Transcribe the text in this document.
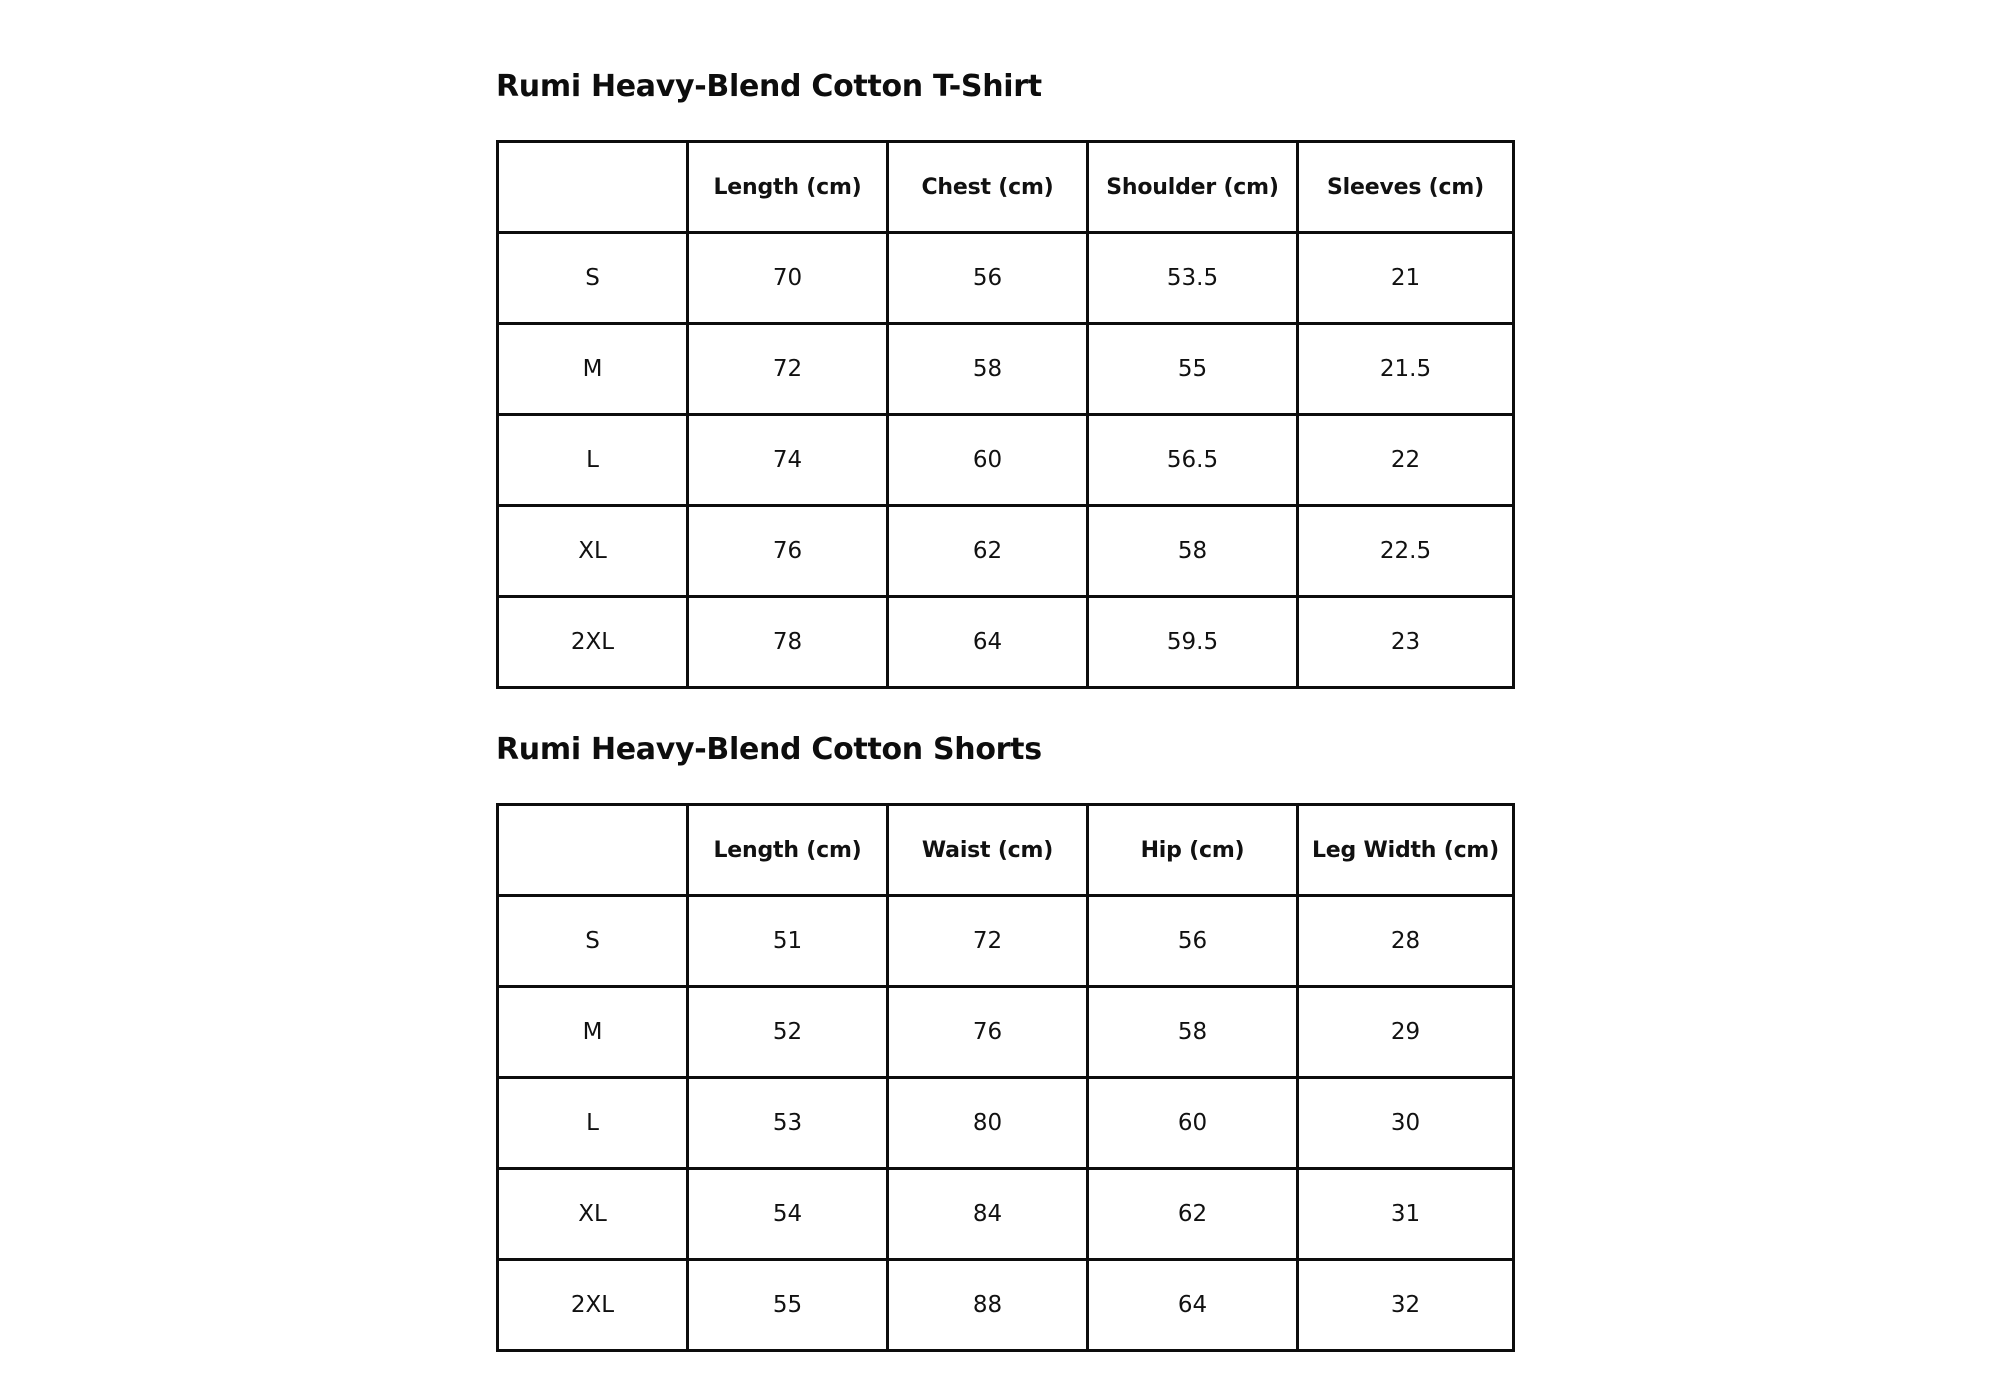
Rumi Heavy-Blend Cotton T-Shirt
	Length (cm)	Chest (cm)	Shoulder (cm)	Sleeves (cm)
S	70	56	53.5	21
M	72	58	55	21.5
L	74	60	56.5	22
XL	76	62	58	22.5
2XL	78	64	59.5	23
Rumi Heavy-Blend Cotton Shorts
	Length (cm)	Waist (cm)	Hip (cm)	Leg Width (cm)
S	51	72	56	28
M	52	76	58	29
L	53	80	60	30
XL	54	84	62	31
2XL	55	88	64	32
